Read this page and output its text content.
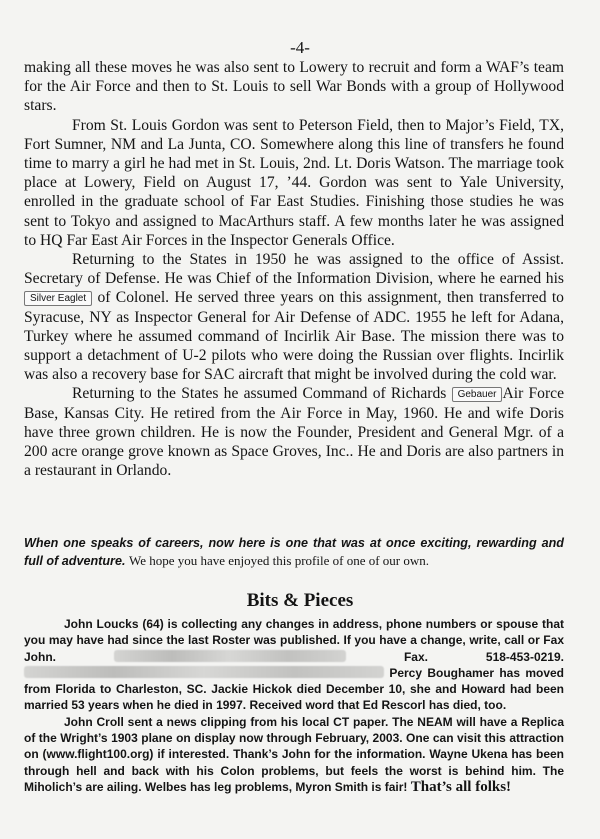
-4-

making all these moves he was also sent to Lowery to recruit and form a WAF’s team for the Air Force and then to St. Louis to sell War Bonds with a group of Hollywood stars.

From St. Louis Gordon was sent to Peterson Field, then to Major’s Field, TX, Fort Sumner, NM and La Junta, CO. Somewhere along this line of transfers he found time to marry a girl he had met in St. Louis, 2nd. Lt. Doris Watson. The marriage took place at Lowery, Field on August 17, ’44. Gordon was sent to Yale University, enrolled in the graduate school of Far East Studies. Finishing those studies he was sent to Tokyo and assigned to MacArthurs staff. A few months later he was assigned to HQ Far East Air Forces in the Inspector Generals Office.

Returning to the States in 1950 he was assigned to the office of Assist. Secretary of Defense. He was Chief of the Information Division, where he earned his Silver Eaglet of Colonel. He served three years on this assignment, then transferred to Syracuse, NY as Inspector General for Air Defense of ADC. 1955 he left for Adana, Turkey where he assumed command of Incirlik Air Base. The mission there was to support a detachment of U-2 pilots who were doing the Russian over flights. Incirlik was also a recovery base for SAC aircraft that might be involved during the cold war.

Returning to the States he assumed Command of Richards Gebauer Air Force Base, Kansas City. He retired from the Air Force in May, 1960. He and wife Doris have three grown children. He is now the Founder, President and General Mgr. of a 200 acre orange grove known as Space Groves, Inc.. He and Doris are also partners in a restaurant in Orlando.

When one speaks of careers, now here is one that was at once exciting, rewarding and full of adventure. We hope you have enjoyed this profile of one of our own.
Bits & Pieces

John Loucks (64) is collecting any changes in address, phone numbers or spouse that you may have had since the last Roster was published. If you have a change, write, call or Fax John.	Fax. 518-453-0219.  Percy Boughamer has moved from Florida to Charleston, SC. Jackie Hickok died December 10, she and Howard had been married 53 years when he died in 1997. Received word that Ed Rescorl has died, too.

John Croll sent a news clipping from his local CT paper. The NEAM will have a Replica of the Wright’s 1903 plane on display now through February, 2003. One can visit this attraction on (www.flight100.org) if interested. Thank’s John for the information. Wayne Ukena has been through hell and back with his Colon problems, but feels the worst is behind him. The Miholich’s are ailing. Welbes has leg problems, Myron Smith is fair! That’s all folks!
